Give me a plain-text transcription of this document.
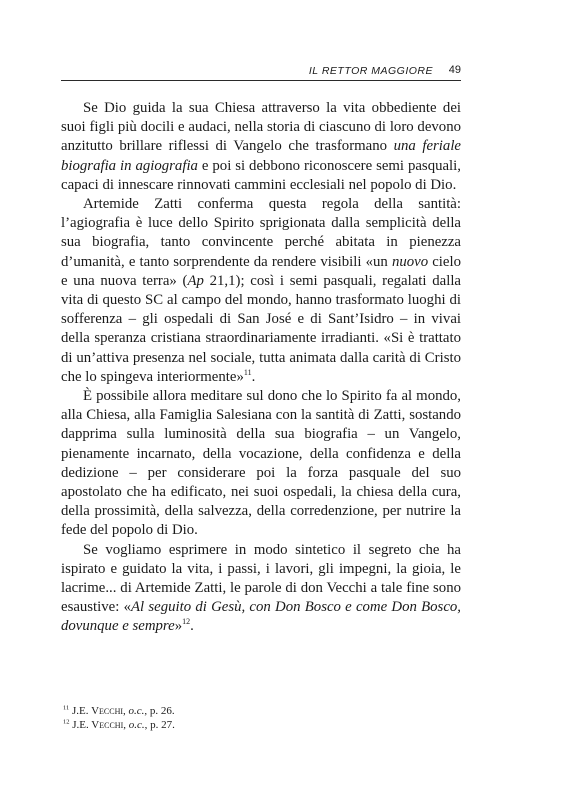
IL RETTOR MAGGIORE 49

Se Dio guida la sua Chiesa attraverso la vita obbediente dei suoi figli più docili e audaci, nella storia di ciascuno di loro devono anzitutto brillare riflessi di Vangelo che trasformano una feriale biografia in agiografia e poi si debbono riconoscere semi pasquali, capaci di innescare rinnovati cammini ecclesiali nel popolo di Dio.

Artemide Zatti conferma questa regola della santità: l’agiografia è luce dello Spirito sprigionata dalla semplicità della sua biografia, tanto convincente perché abitata in pienezza d’umanità, e tanto sorprendente da rendere visibili «un nuovo cielo e una nuova terra» (Ap 21,1); così i semi pasquali, regalati dalla vita di questo SC al campo del mondo, hanno trasformato luoghi di sofferenza – gli ospedali di San José e di Sant’Isidro – in vivai della speranza cristiana straordinariamente irradianti. «Si è trattato di un’attiva presenza nel sociale, tutta animata dalla carità di Cristo che lo spingeva interiormente»$^{11}$.

È possibile allora meditare sul dono che lo Spirito fa al mondo, alla Chiesa, alla Famiglia Salesiana con la santità di Zatti, sostando dapprima sulla luminosità della sua biografia – un Vangelo, pienamente incarnato, della vocazione, della confidenza e della dedizione – per considerare poi la forza pasquale del suo apostolato che ha edificato, nei suoi ospedali, la chiesa della cura, della prossimità, della salvezza, della corredenzione, per nutrire la fede del popolo di Dio.

Se vogliamo esprimere in modo sintetico il segreto che ha ispirato e guidato la vita, i passi, i lavori, gli impegni, la gioia, le lacrime... di Artemide Zatti, le parole di don Vecchi a tale fine sono esaustive: «Al seguito di Gesù, con Don Bosco e come Don Bosco, dovunque e sempre»$^{12}$.

$^{11}$ J.E. Vecchi, o.c., p. 26.

$^{12}$ J.E. Vecchi, o.c., p. 27.
